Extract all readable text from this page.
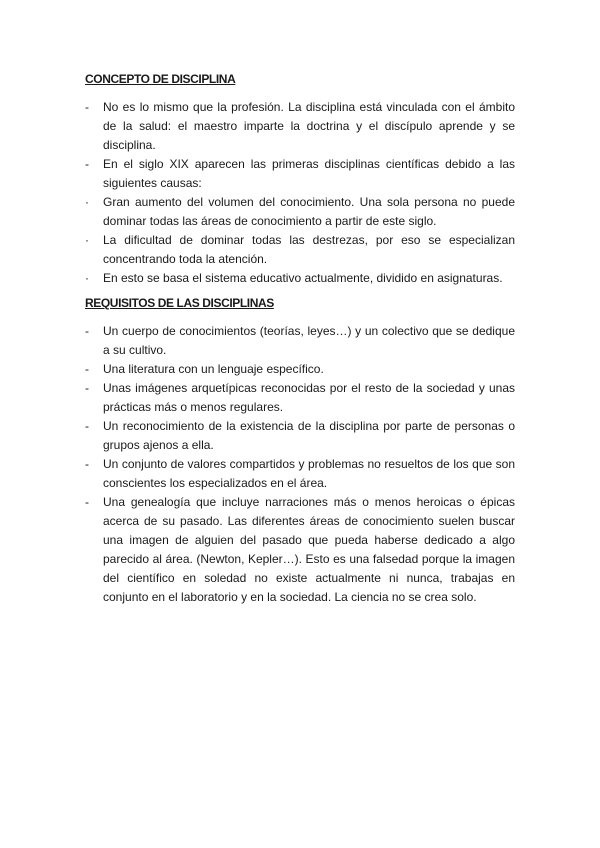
CONCEPTO DE DISCIPLINA
-	No es lo mismo que la profesión. La disciplina está vinculada con el ámbito de la salud: el maestro imparte la doctrina y el discípulo aprende y se disciplina.
-	En el siglo XIX aparecen las primeras disciplinas científicas debido a las siguientes causas:
·	Gran aumento del volumen del conocimiento. Una sola persona no puede dominar todas las áreas de conocimiento a partir de este siglo.
·	La dificultad de dominar todas las destrezas, por eso se especializan concentrando toda la atención.
·	En esto se basa el sistema educativo actualmente, dividido en asignaturas.
REQUISITOS DE LAS DISCIPLINAS
-	Un cuerpo de conocimientos (teorías, leyes…) y un colectivo que se dedique a su cultivo.
-	Una literatura con un lenguaje específico.
-	Unas imágenes arquetípicas reconocidas por el resto de la sociedad y unas prácticas más o menos regulares.
-	Un reconocimiento de la existencia de la disciplina por parte de personas o grupos ajenos a ella.
-	Un conjunto de valores compartidos y problemas no resueltos de los que son conscientes los especializados en el área.
-	Una genealogía que incluye narraciones más o menos heroicas o épicas acerca de su pasado. Las diferentes áreas de conocimiento suelen buscar una imagen de alguien del pasado que pueda haberse dedicado a algo parecido al área. (Newton, Kepler…). Esto es una falsedad porque la imagen del científico en soledad no existe actualmente ni nunca, trabajas en conjunto en el laboratorio y en la sociedad. La ciencia no se crea solo.
